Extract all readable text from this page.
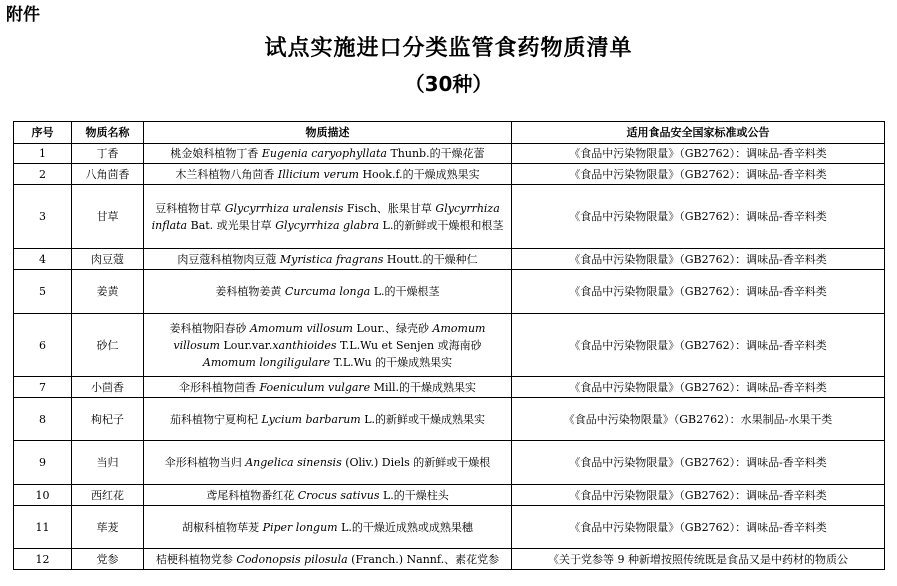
附件
试点实施进口分类监管食药物质清单
（30种）
序号	物质名称	物质描述	适用食品安全国家标准或公告
1	丁香	桃金娘科植物丁香 Eugenia caryophyllata Thunb.的干燥花蕾	《食品中污染物限量》（GB2762）：调味品-香辛料类
2	八角茴香	木兰科植物八角茴香 Illicium verum Hook.f.的干燥成熟果实	《食品中污染物限量》（GB2762）：调味品-香辛料类
3	甘草	豆科植物甘草 Glycyrrhiza uralensis Fisch、胀果甘草 Glycyrrhiza inflata Bat. 或光果甘草 Glycyrrhiza glabra L.的新鲜或干燥根和根茎	《食品中污染物限量》（GB2762）：调味品-香辛料类
4	肉豆蔻	肉豆蔻科植物肉豆蔻 Myristica fragrans Houtt.的干燥种仁	《食品中污染物限量》（GB2762）：调味品-香辛料类
5	姜黄	姜科植物姜黄 Curcuma longa L.的干燥根茎	《食品中污染物限量》（GB2762）：调味品-香辛料类
6	砂仁	姜科植物阳春砂 Amomum villosum Lour.、绿壳砂 Amomum villosum Lour.var.xanthioides T.L.Wu et Senjen 或海南砂 Amomum longiligulare T.L.Wu 的干燥成熟果实	《食品中污染物限量》（GB2762）：调味品-香辛料类
7	小茴香	伞形科植物茴香 Foeniculum vulgare Mill.的干燥成熟果实	《食品中污染物限量》（GB2762）：调味品-香辛料类
8	枸杞子	茄科植物宁夏枸杞 Lycium barbarum L.的新鲜或干燥成熟果实	《食品中污染物限量》（GB2762）：水果制品-水果干类
9	当归	伞形科植物当归 Angelica sinensis (Oliv.) Diels 的新鲜或干燥根	《食品中污染物限量》（GB2762）：调味品-香辛料类
10	西红花	鸢尾科植物番红花 Crocus sativus L.的干燥柱头	《食品中污染物限量》（GB2762）：调味品-香辛料类
11	荜茇	胡椒科植物荜茇 Piper longum L.的干燥近成熟或成熟果穗	《食品中污染物限量》（GB2762）：调味品-香辛料类
12	党参	桔梗科植物党参 Codonopsis pilosula (Franch.) Nannf.、素花党参	《关于党参等 9 种新增按照传统既是食品又是中药材的物质公
